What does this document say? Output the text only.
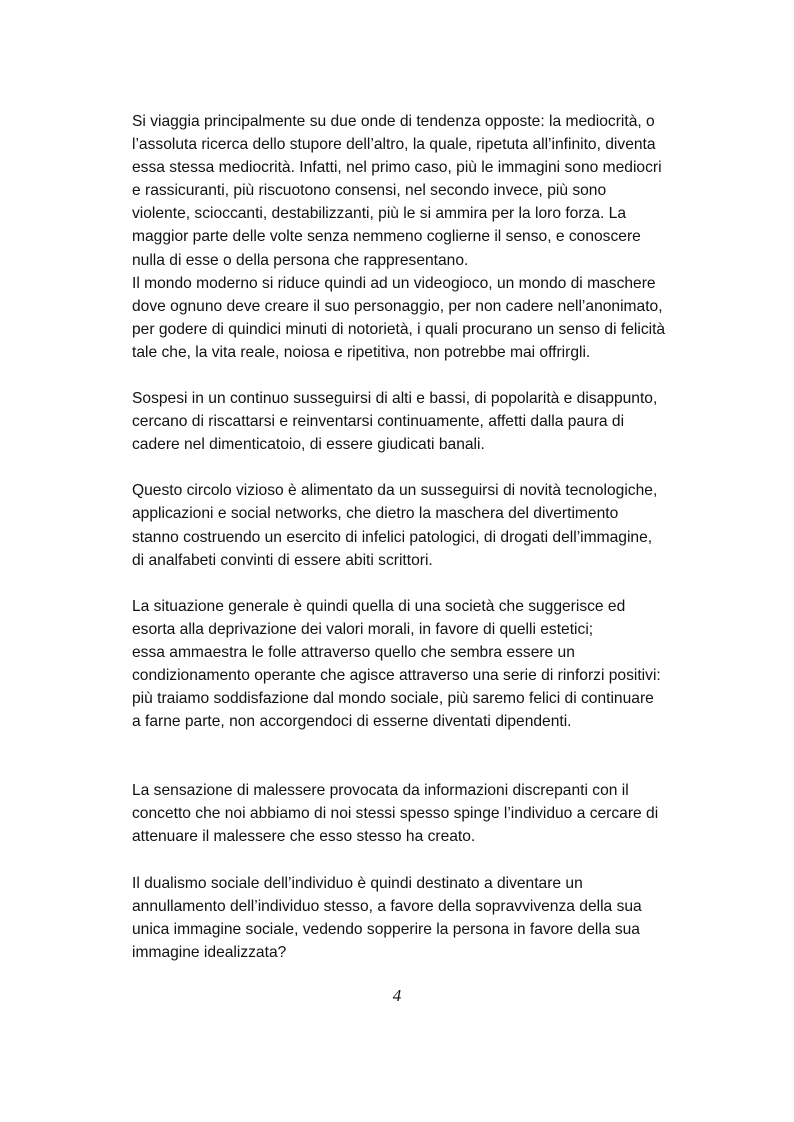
Si viaggia principalmente su due onde di tendenza opposte: la mediocrità, o
l’assoluta ricerca dello stupore dell’altro, la quale, ripetuta all’infinito, diventa
essa stessa mediocrità. Infatti, nel primo caso, più le immagini sono mediocri
e rassicuranti, più riscuotono consensi, nel secondo invece, più sono
violente, scioccanti, destabilizzanti, più le si ammira per la loro forza. La
maggior parte delle volte senza nemmeno coglierne il senso, e conoscere
nulla di esse o della persona che rappresentano.

Il mondo moderno si riduce quindi ad un videogioco, un mondo di maschere
dove ognuno deve creare il suo personaggio, per non cadere nell’anonimato,
per godere di quindici minuti di notorietà, i quali procurano un senso di felicità
tale che, la vita reale, noiosa e ripetitiva, non potrebbe mai offrirgli.

Sospesi in un continuo susseguirsi di alti e bassi, di popolarità e disappunto,
cercano di riscattarsi e reinventarsi continuamente, affetti dalla paura di
cadere nel dimenticatoio, di essere giudicati banali.

Questo circolo vizioso è alimentato da un susseguirsi di novità tecnologiche,
applicazioni e social networks, che dietro la maschera del divertimento
stanno costruendo un esercito di infelici patologici, di drogati dell’immagine,
di analfabeti convinti di essere abiti scrittori.

La situazione generale è quindi quella di una società che suggerisce ed
esorta alla deprivazione dei valori morali, in favore di quelli estetici;
essa ammaestra le folle attraverso quello che sembra essere un
condizionamento operante che agisce attraverso una serie di rinforzi positivi:
più traiamo soddisfazione dal mondo sociale, più saremo felici di continuare
a farne parte, non accorgendoci di esserne diventati dipendenti.

La sensazione di malessere provocata da informazioni discrepanti con il
concetto che noi abbiamo di noi stessi spesso spinge l’individuo a cercare di
attenuare il malessere che esso stesso ha creato.

Il dualismo sociale dell’individuo è quindi destinato a diventare un
annullamento dell’individuo stesso, a favore della sopravvivenza della sua
unica immagine sociale, vedendo sopperire la persona in favore della sua
immagine idealizzata?

4
